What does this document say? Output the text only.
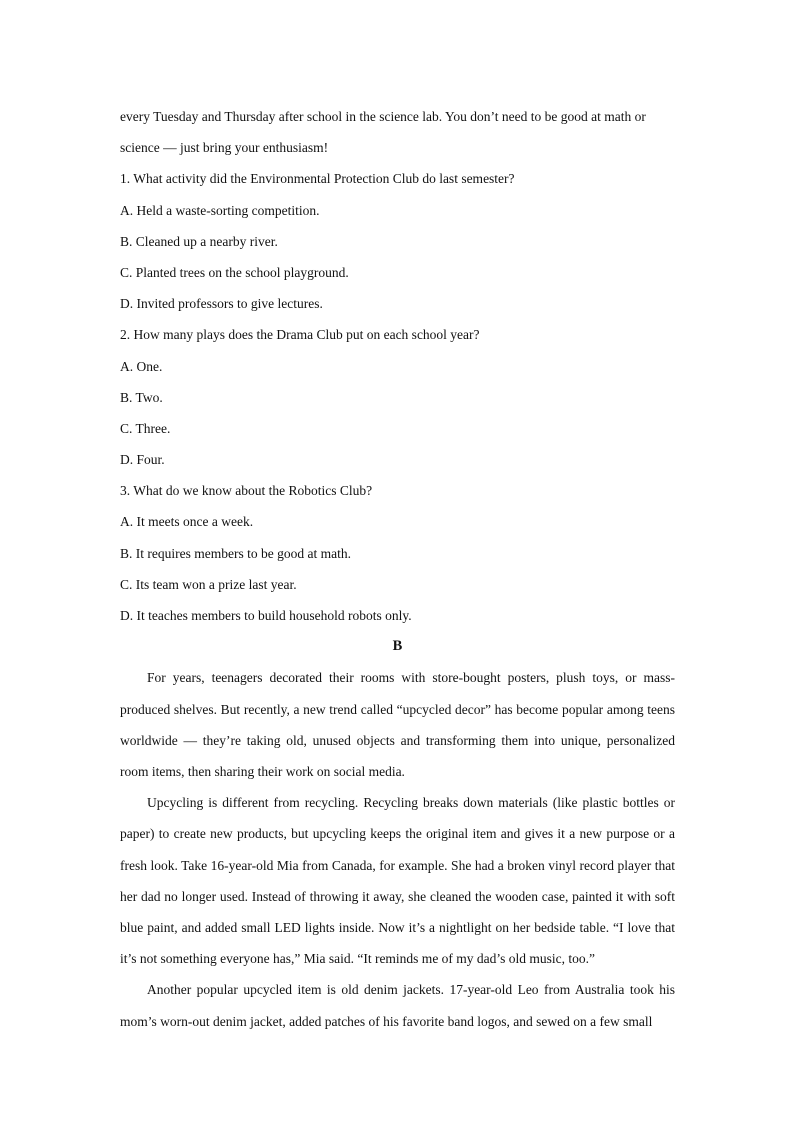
every Tuesday and Thursday after school in the science lab. You don’t need to be good at math or
science — just bring your enthusiasm!
1. What activity did the Environmental Protection Club do last semester?
A. Held a waste-sorting competition.
B. Cleaned up a nearby river.
C. Planted trees on the school playground.
D. Invited professors to give lectures.
2. How many plays does the Drama Club put on each school year?
A. One.
B. Two.
C. Three.
D. Four.
3. What do we know about the Robotics Club?
A. It meets once a week.
B. It requires members to be good at math.
C. Its team won a prize last year.
D. It teaches members to build household robots only.
B

For years, teenagers decorated their rooms with store-bought posters, plush toys, or mass-produced shelves. But recently, a new trend called “upcycled decor” has become popular among teens worldwide — they’re taking old, unused objects and transforming them into unique, personalized room items, then sharing their work on social media.

Upcycling is different from recycling. Recycling breaks down materials (like plastic bottles or paper) to create new products, but upcycling keeps the original item and gives it a new purpose or a fresh look. Take 16-year-old Mia from Canada, for example. She had a broken vinyl record player that her dad no longer used. Instead of throwing it away, she cleaned the wooden case, painted it with soft blue paint, and added small LED lights inside. Now it’s a nightlight on her bedside table. “I love that it’s not something everyone has,” Mia said. “It reminds me of my dad’s old music, too.”

Another popular upcycled item is old denim jackets. 17-year-old Leo from Australia took his mom’s worn-out denim jacket, added patches of his favorite band logos, and sewed on a few small
